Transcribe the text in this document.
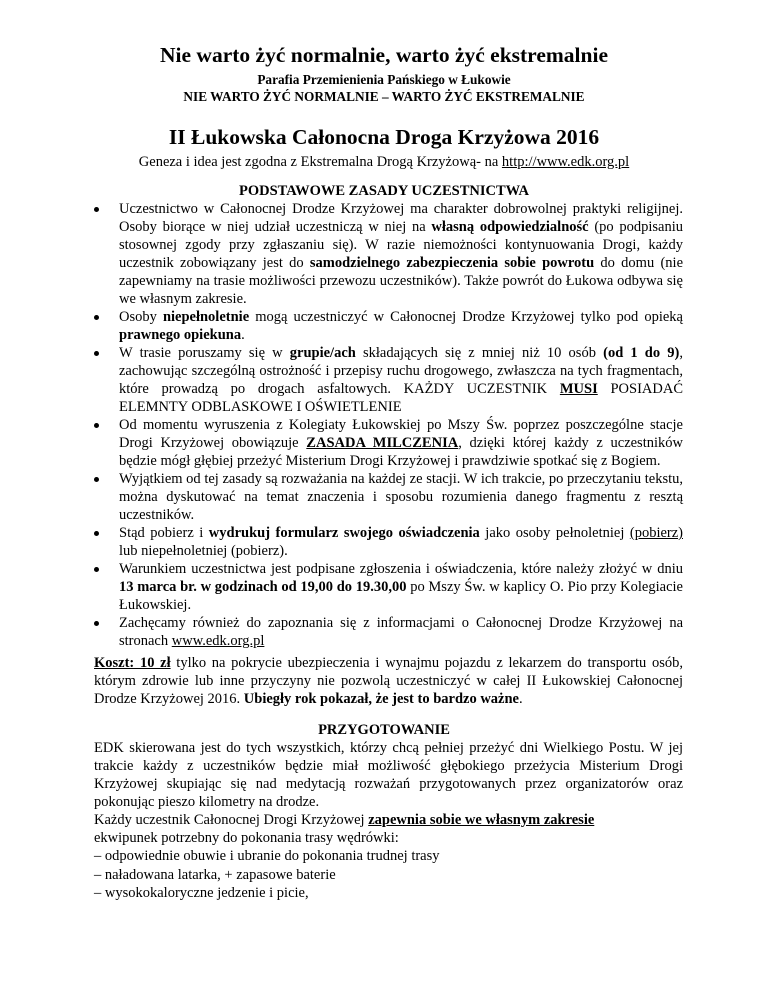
Nie warto żyć normalnie, warto żyć ekstremalnie
Parafia Przemienienia Pańskiego w Łukowie
NIE WARTO ŻYĆ NORMALNIE – WARTO ŻYĆ EKSTREMALNIE
II Łukowska Całonocna Droga Krzyżowa 2016
Geneza i idea jest zgodna z Ekstremalna Drogą Krzyżową- na http://www.edk.org.pl
PODSTAWOWE ZASADY UCZESTNICTWA
Uczestnictwo w Całonocnej Drodze Krzyżowej ma charakter dobrowolnej praktyki religijnej. Osoby biorące w niej udział uczestniczą w niej na własną odpowiedzialność (po podpisaniu stosownej zgody przy zgłaszaniu się). W razie niemożności kontynuowania Drogi, każdy uczestnik zobowiązany jest do samodzielnego zabezpieczenia sobie powrotu do domu (nie zapewniamy na trasie możliwości przewozu uczestników). Także powrót do Łukowa odbywa się we własnym zakresie.
Osoby niepełnoletnie mogą uczestniczyć w Całonocnej Drodze Krzyżowej tylko pod opieką prawnego opiekuna.
W trasie poruszamy się w grupie/ach składających się z mniej niż 10 osób (od 1 do 9), zachowując szczególną ostrożność i przepisy ruchu drogowego, zwłaszcza na tych fragmentach, które prowadzą po drogach asfaltowych. KAŻDY UCZESTNIK MUSI POSIADAĆ ELEMNTY ODBLASKOWE I OŚWIETLENIE
Od momentu wyruszenia z Kolegiaty Łukowskiej po Mszy Św. poprzez poszczególne stacje Drogi Krzyżowej obowiązuje ZASADA MILCZENIA, dzięki której każdy z uczestników będzie mógł głębiej przeżyć Misterium Drogi Krzyżowej i prawdziwie spotkać się z Bogiem.
Wyjątkiem od tej zasady są rozważania na każdej ze stacji. W ich trakcie, po przeczytaniu tekstu, można dyskutować na temat znaczenia i sposobu rozumienia danego fragmentu z resztą uczestników.
Stąd pobierz i wydrukuj formularz swojego oświadczenia jako osoby pełnoletniej (pobierz) lub niepełnoletniej (pobierz).
Warunkiem uczestnictwa jest podpisane zgłoszenia i oświadczenia, które należy złożyć w dniu 13 marca br. w godzinach od 19,00 do 19.30,00 po Mszy Św. w kaplicy O. Pio przy Kolegiacie Łukowskiej.
Zachęcamy również do zapoznania się z informacjami o Całonocnej Drodze Krzyżowej na stronach www.edk.org.pl

Koszt: 10 zł tylko na pokrycie ubezpieczenia i wynajmu pojazdu z lekarzem do transportu osób, którym zdrowie lub inne przyczyny nie pozwolą uczestniczyć w całej II Łukowskiej Całonocnej Drodze Krzyżowej 2016. Ubiegły rok pokazał, że jest to bardzo ważne.

PRZYGOTOWANIE

EDK skierowana jest do tych wszystkich, którzy chcą pełniej przeżyć dni Wielkiego Postu. W jej trakcie każdy z uczestników będzie miał możliwość głębokiego przeżycia Misterium Drogi Krzyżowej skupiając się nad medytacją rozważań przygotowanych przez organizatorów oraz pokonując pieszo kilometry na drodze.

Każdy uczestnik Całonocnej Drogi Krzyżowej zapewnia sobie we własnym zakresie
ekwipunek potrzebny do pokonania trasy wędrówki:
– odpowiednie obuwie i ubranie do pokonania trudnej trasy
– naładowana latarka, + zapasowe baterie
– wysokokaloryczne jedzenie i picie,
